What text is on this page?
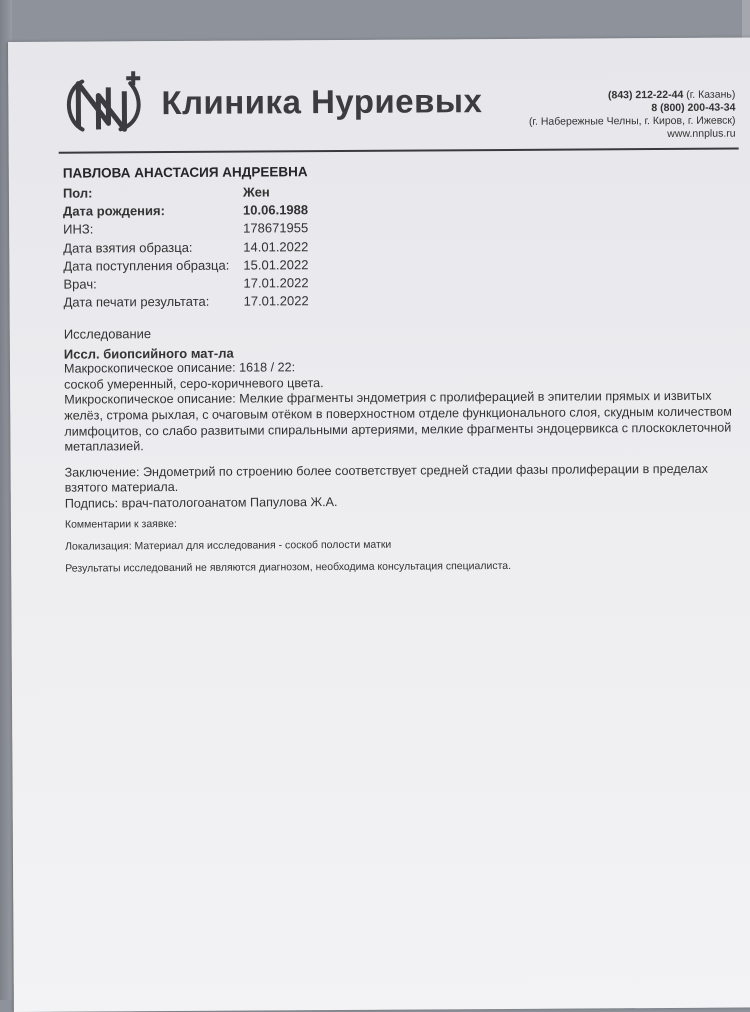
Клиника Нуриевых	(843) 212-22-44 (г. Казань)
8 (800) 200-43-34
(г. Набережные Челны, г. Киров, г. Ижевск)
www.nnplus.ru
ПАВЛОВА АНАСТАСИЯ АНДРЕЕВНА
Пол:	Жен
Дата рождения:	10.06.1988
ИНЗ:	178671955
Дата взятия образца:	14.01.2022
Дата поступления образца: 15.01.2022
Врач:	17.01.2022
Дата печати результата:	17.01.2022

Исследование

Иссл. биопсийного мат-ла

Макроскопическое описание: 1618 / 22:

соскоб умеренный, серо-коричневого цвета.

Микроскопическое описание: Мелкие фрагменты эндометрия с пролиферацией в эпителии прямых и извитых желёз, строма рыхлая, с очаговым отёком в поверхностном отделе функционального слоя, скудным количеством лимфоцитов, со слабо развитыми спиральными артериями, мелкие фрагменты эндоцервикса с плоскоклеточной метаплазией.

Заключение: Эндометрий по строению более соответствует средней стадии фазы пролиферации в пределах взятого материала.

Подпись: врач-патологоанатом Папулова Ж.А.

Комментарии к заявке:

Локализация: Материал для исследования - соскоб полости матки

Результаты исследований не являются диагнозом, необходима консультация специалиста.
